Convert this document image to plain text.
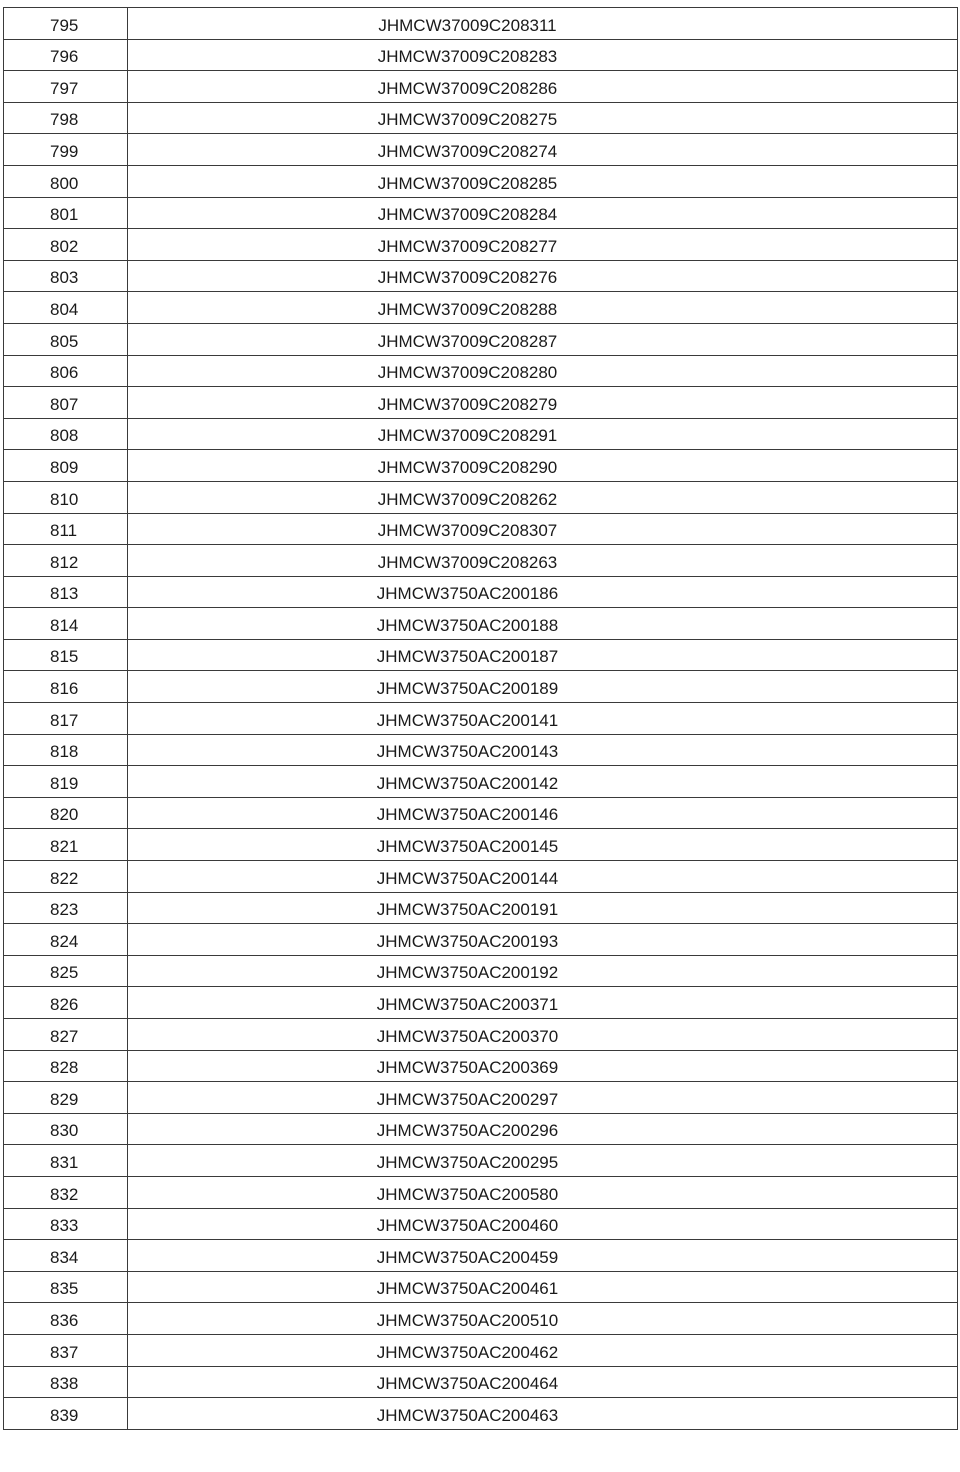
795	JHMCW37009C208311
796	JHMCW37009C208283
797	JHMCW37009C208286
798	JHMCW37009C208275
799	JHMCW37009C208274
800	JHMCW37009C208285
801	JHMCW37009C208284
802	JHMCW37009C208277
803	JHMCW37009C208276
804	JHMCW37009C208288
805	JHMCW37009C208287
806	JHMCW37009C208280
807	JHMCW37009C208279
808	JHMCW37009C208291
809	JHMCW37009C208290
810	JHMCW37009C208262
811	JHMCW37009C208307
812	JHMCW37009C208263
813	JHMCW3750AC200186
814	JHMCW3750AC200188
815	JHMCW3750AC200187
816	JHMCW3750AC200189
817	JHMCW3750AC200141
818	JHMCW3750AC200143
819	JHMCW3750AC200142
820	JHMCW3750AC200146
821	JHMCW3750AC200145
822	JHMCW3750AC200144
823	JHMCW3750AC200191
824	JHMCW3750AC200193
825	JHMCW3750AC200192
826	JHMCW3750AC200371
827	JHMCW3750AC200370
828	JHMCW3750AC200369
829	JHMCW3750AC200297
830	JHMCW3750AC200296
831	JHMCW3750AC200295
832	JHMCW3750AC200580
833	JHMCW3750AC200460
834	JHMCW3750AC200459
835	JHMCW3750AC200461
836	JHMCW3750AC200510
837	JHMCW3750AC200462
838	JHMCW3750AC200464
839	JHMCW3750AC200463
